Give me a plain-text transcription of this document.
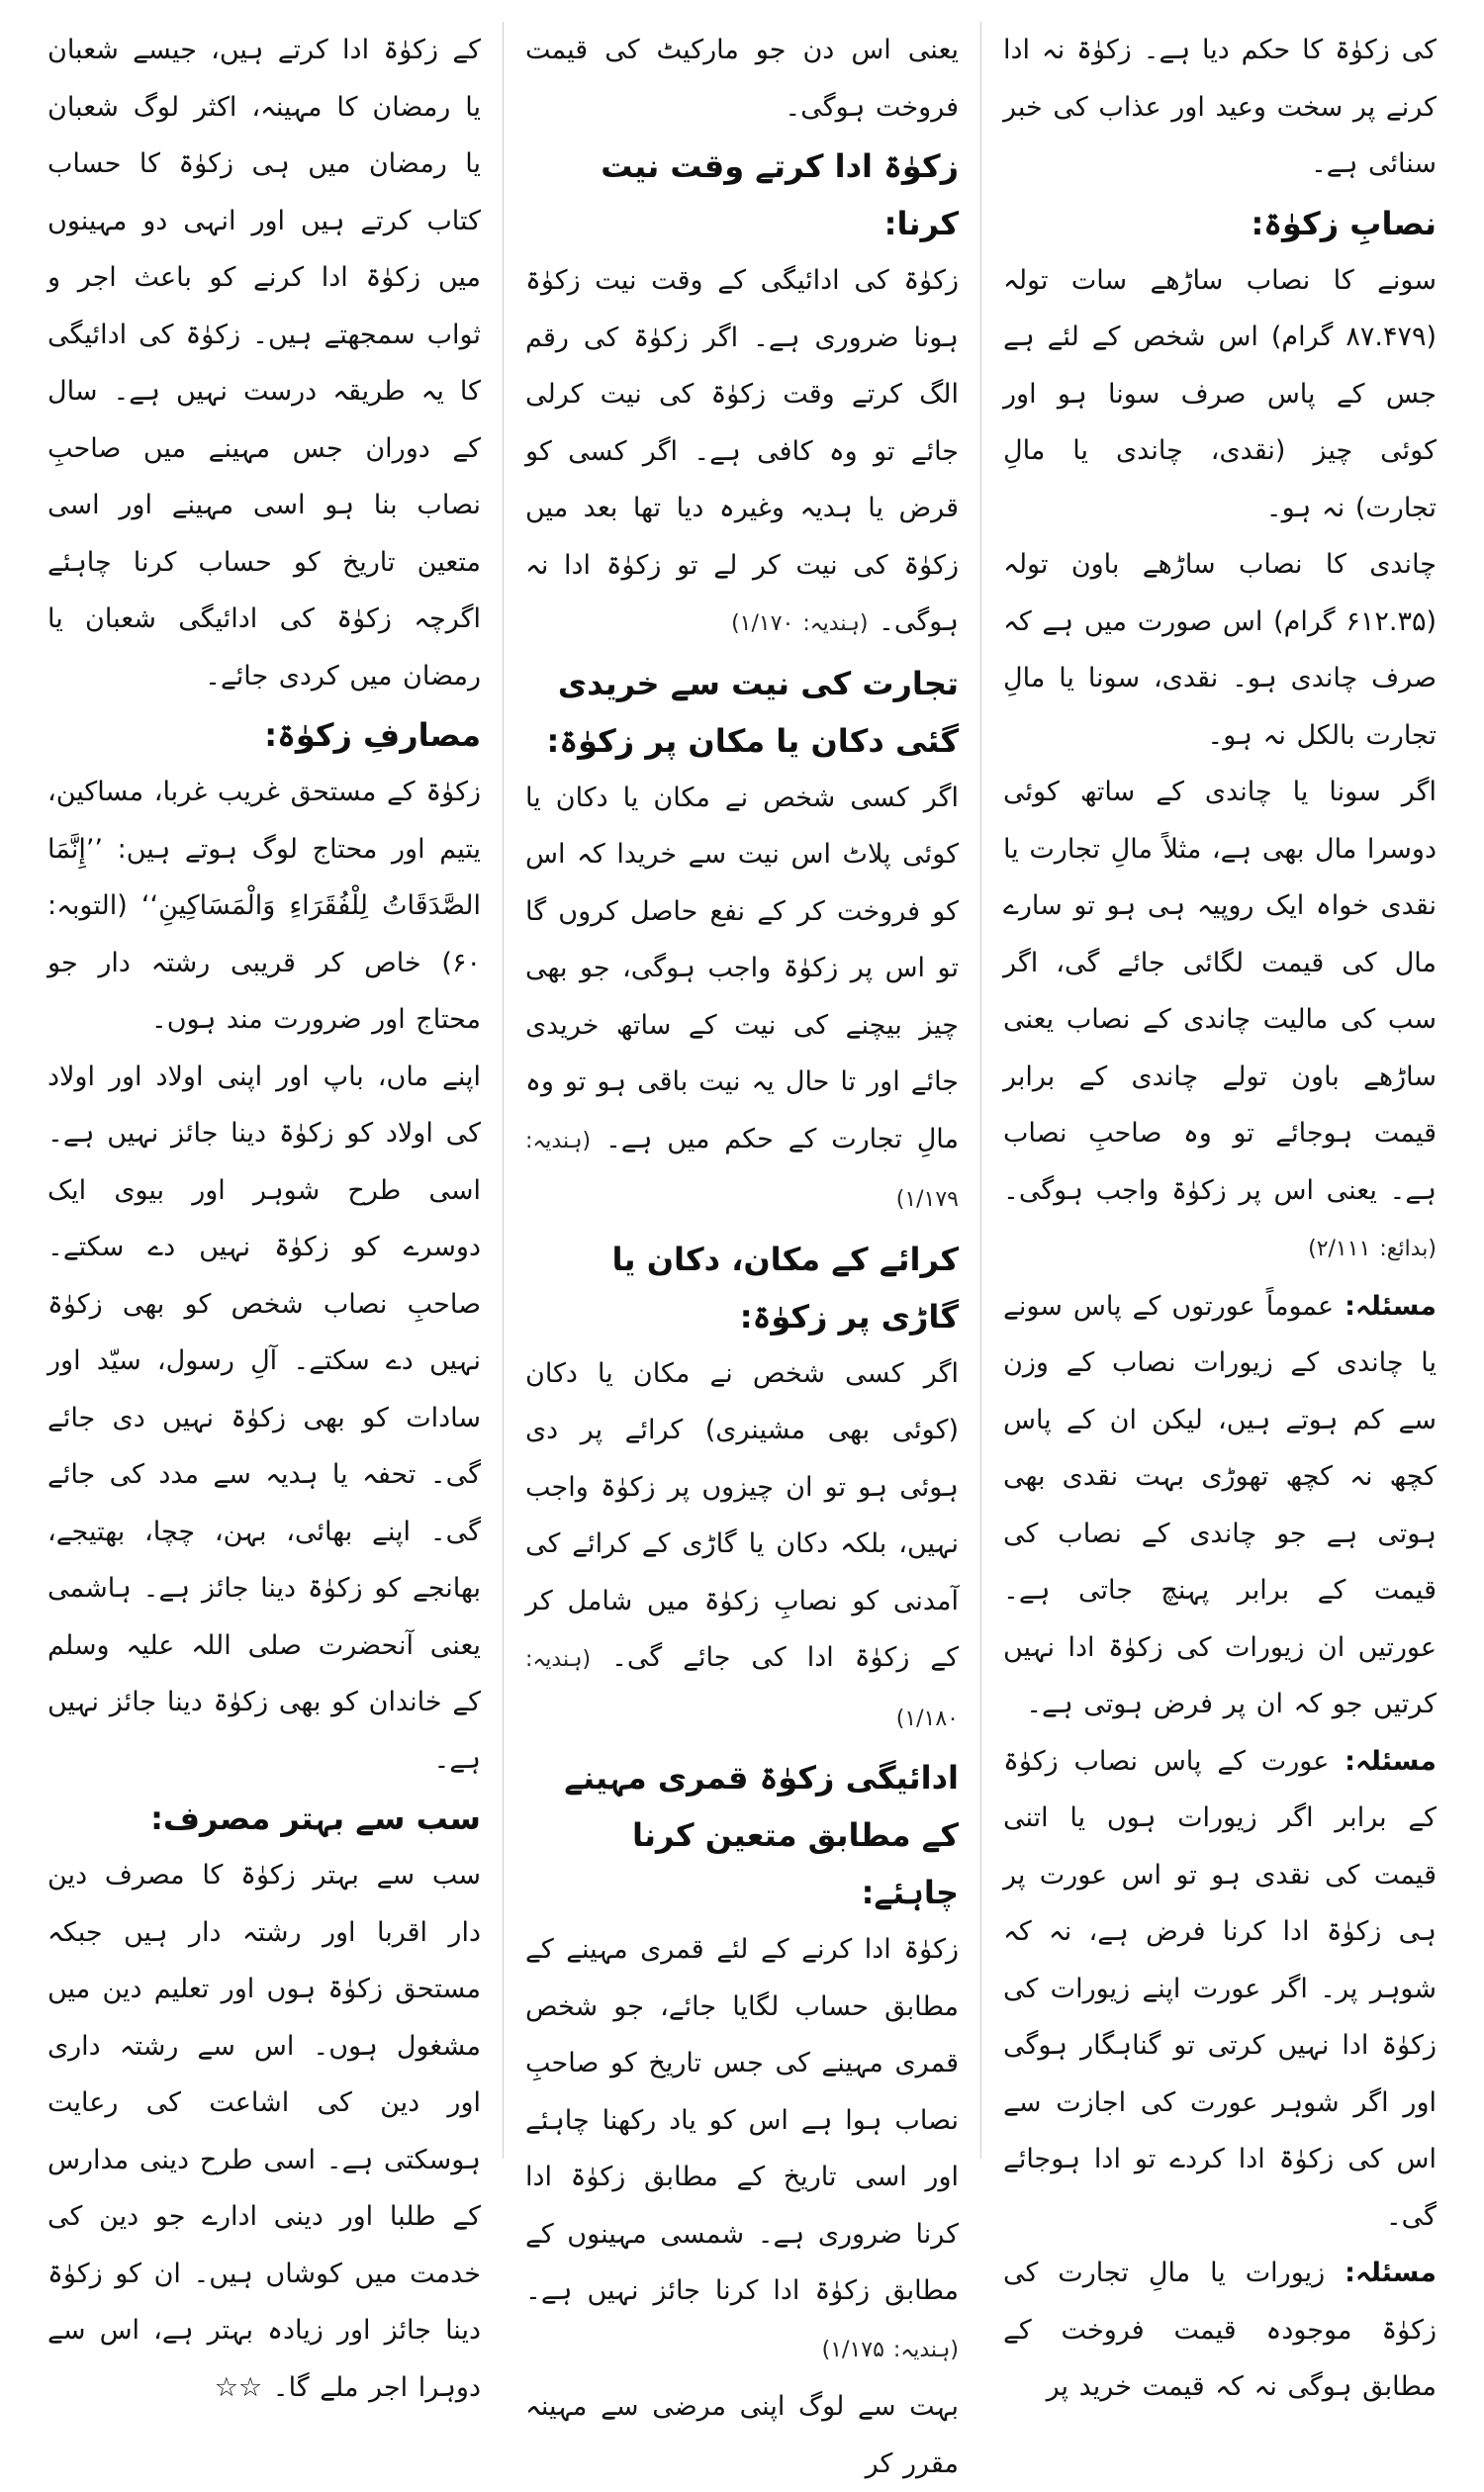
کی زکوٰۃ کا حکم دیا ہے۔ زکوٰۃ نہ ادا کرنے پر سخت وعید اور عذاب کی خبر سنائی ہے۔

نصابِ زکوٰۃ:

سونے کا نصاب ساڑھے سات تولہ (۸۷.۴۷۹ گرام) اس شخص کے لئے ہے جس کے پاس صرف سونا ہو اور کوئی چیز (نقدی، چاندی یا مالِ تجارت) نہ ہو۔

چاندی کا نصاب ساڑھے باون تولہ (۶۱۲.۳۵ گرام) اس صورت میں ہے کہ صرف چاندی ہو۔ نقدی، سونا یا مالِ تجارت بالکل نہ ہو۔

اگر سونا یا چاندی کے ساتھ کوئی دوسرا مال بھی ہے، مثلاً مالِ تجارت یا نقدی خواہ ایک روپیہ ہی ہو تو سارے مال کی قیمت لگائی جائے گی، اگر سب کی مالیت چاندی کے نصاب یعنی ساڑھے باون تولے چاندی کے برابر قیمت ہوجائے تو وہ صاحبِ نصاب ہے۔ یعنی اس پر زکوٰۃ واجب ہوگی۔ (بدائع: ۲/۱۱۱)

مسئلہ: عموماً عورتوں کے پاس سونے یا چاندی کے زیورات نصاب کے وزن سے کم ہوتے ہیں، لیکن ان کے پاس کچھ نہ کچھ تھوڑی بہت نقدی بھی ہوتی ہے جو چاندی کے نصاب کی قیمت کے برابر پہنچ جاتی ہے۔ عورتیں ان زیورات کی زکوٰۃ ادا نہیں کرتیں جو کہ ان پر فرض ہوتی ہے۔

مسئلہ: عورت کے پاس نصاب زکوٰۃ کے برابر اگر زیورات ہوں یا اتنی قیمت کی نقدی ہو تو اس عورت پر ہی زکوٰۃ ادا کرنا فرض ہے، نہ کہ شوہر پر۔ اگر عورت اپنے زیورات کی زکوٰۃ ادا نہیں کرتی تو گناہگار ہوگی اور اگر شوہر عورت کی اجازت سے اس کی زکوٰۃ ادا کردے تو ادا ہوجائے گی۔

مسئلہ: زیورات یا مالِ تجارت کی زکوٰۃ موجودہ قیمت فروخت کے مطابق ہوگی نہ کہ قیمت خرید پر

یعنی اس دن جو مارکیٹ کی قیمت فروخت ہوگی۔

زکوٰۃ ادا کرتے وقت نیت کرنا:

زکوٰۃ کی ادائیگی کے وقت نیت زکوٰۃ ہونا ضروری ہے۔ اگر زکوٰۃ کی رقم الگ کرتے وقت زکوٰۃ کی نیت کرلی جائے تو وہ کافی ہے۔ اگر کسی کو قرض یا ہدیہ وغیرہ دیا تھا بعد میں زکوٰۃ کی نیت کر لے تو زکوٰۃ ادا نہ ہوگی۔ (ہندیہ: ۱/۱۷۰)

تجارت کی نیت سے خریدی گئی دکان یا مکان پر زکوٰۃ:

اگر کسی شخص نے مکان یا دکان یا کوئی پلاٹ اس نیت سے خریدا کہ اس کو فروخت کر کے نفع حاصل کروں گا تو اس پر زکوٰۃ واجب ہوگی، جو بھی چیز بیچنے کی نیت کے ساتھ خریدی جائے اور تا حال یہ نیت باقی ہو تو وہ مالِ تجارت کے حکم میں ہے۔ (ہندیہ: ۱/۱۷۹)

کرائے کے مکان، دکان یا گاڑی پر زکوٰۃ:

اگر کسی شخص نے مکان یا دکان (کوئی بھی مشینری) کرائے پر دی ہوئی ہو تو ان چیزوں پر زکوٰۃ واجب نہیں، بلکہ دکان یا گاڑی کے کرائے کی آمدنی کو نصابِ زکوٰۃ میں شامل کر کے زکوٰۃ ادا کی جائے گی۔ (ہندیہ: ۱/۱۸۰)

ادائیگی زکوٰۃ قمری مہینے کے مطابق متعین کرنا چاہئے:

زکوٰۃ ادا کرنے کے لئے قمری مہینے کے مطابق حساب لگایا جائے، جو شخص قمری مہینے کی جس تاریخ کو صاحبِ نصاب ہوا ہے اس کو یاد رکھنا چاہئے اور اسی تاریخ کے مطابق زکوٰۃ ادا کرنا ضروری ہے۔ شمسی مہینوں کے مطابق زکوٰۃ ادا کرنا جائز نہیں ہے۔ (ہندیہ: ۱/۱۷۵)

بہت سے لوگ اپنی مرضی سے مہینہ مقرر کر

کے زکوٰۃ ادا کرتے ہیں، جیسے شعبان یا رمضان کا مہینہ، اکثر لوگ شعبان یا رمضان میں ہی زکوٰۃ کا حساب کتاب کرتے ہیں اور انہی دو مہینوں میں زکوٰۃ ادا کرنے کو باعث اجر و ثواب سمجھتے ہیں۔ زکوٰۃ کی ادائیگی کا یہ طریقہ درست نہیں ہے۔ سال کے دوران جس مہینے میں صاحبِ نصاب بنا ہو اسی مہینے اور اسی متعین تاریخ کو حساب کرنا چاہئے اگرچہ زکوٰۃ کی ادائیگی شعبان یا رمضان میں کردی جائے۔

مصارفِ زکوٰۃ:

زکوٰۃ کے مستحق غریب غربا، مساکین، یتیم اور محتاج لوگ ہوتے ہیں: ’’إِنَّمَا الصَّدَقَاتُ لِلْفُقَرَاءِ وَالْمَسَاكِينِ‘‘ (التوبہ: ۶۰) خاص کر قریبی رشتہ دار جو محتاج اور ضرورت مند ہوں۔

اپنے ماں، باپ اور اپنی اولاد اور اولاد کی اولاد کو زکوٰۃ دینا جائز نہیں ہے۔ اسی طرح شوہر اور بیوی ایک دوسرے کو زکوٰۃ نہیں دے سکتے۔ صاحبِ نصاب شخص کو بھی زکوٰۃ نہیں دے سکتے۔ آلِ رسول، سیّد اور سادات کو بھی زکوٰۃ نہیں دی جائے گی۔ تحفہ یا ہدیہ سے مدد کی جائے گی۔ اپنے بھائی، بہن، چچا، بھتیجے، بھانجے کو زکوٰۃ دینا جائز ہے۔ ہاشمی یعنی آنحضرت صلی اللہ علیہ وسلم کے خاندان کو بھی زکوٰۃ دینا جائز نہیں ہے۔

سب سے بہتر مصرف:

سب سے بہتر زکوٰۃ کا مصرف دین دار اقربا اور رشتہ دار ہیں جبکہ مستحق زکوٰۃ ہوں اور تعلیم دین میں مشغول ہوں۔ اس سے رشتہ داری اور دین کی اشاعت کی رعایت ہوسکتی ہے۔ اسی طرح دینی مدارس کے طلبا اور دینی ادارے جو دین کی خدمت میں کوشاں ہیں۔ ان کو زکوٰۃ دینا جائز اور زیادہ بہتر ہے، اس سے دوہرا اجر ملے گا۔ ☆☆
